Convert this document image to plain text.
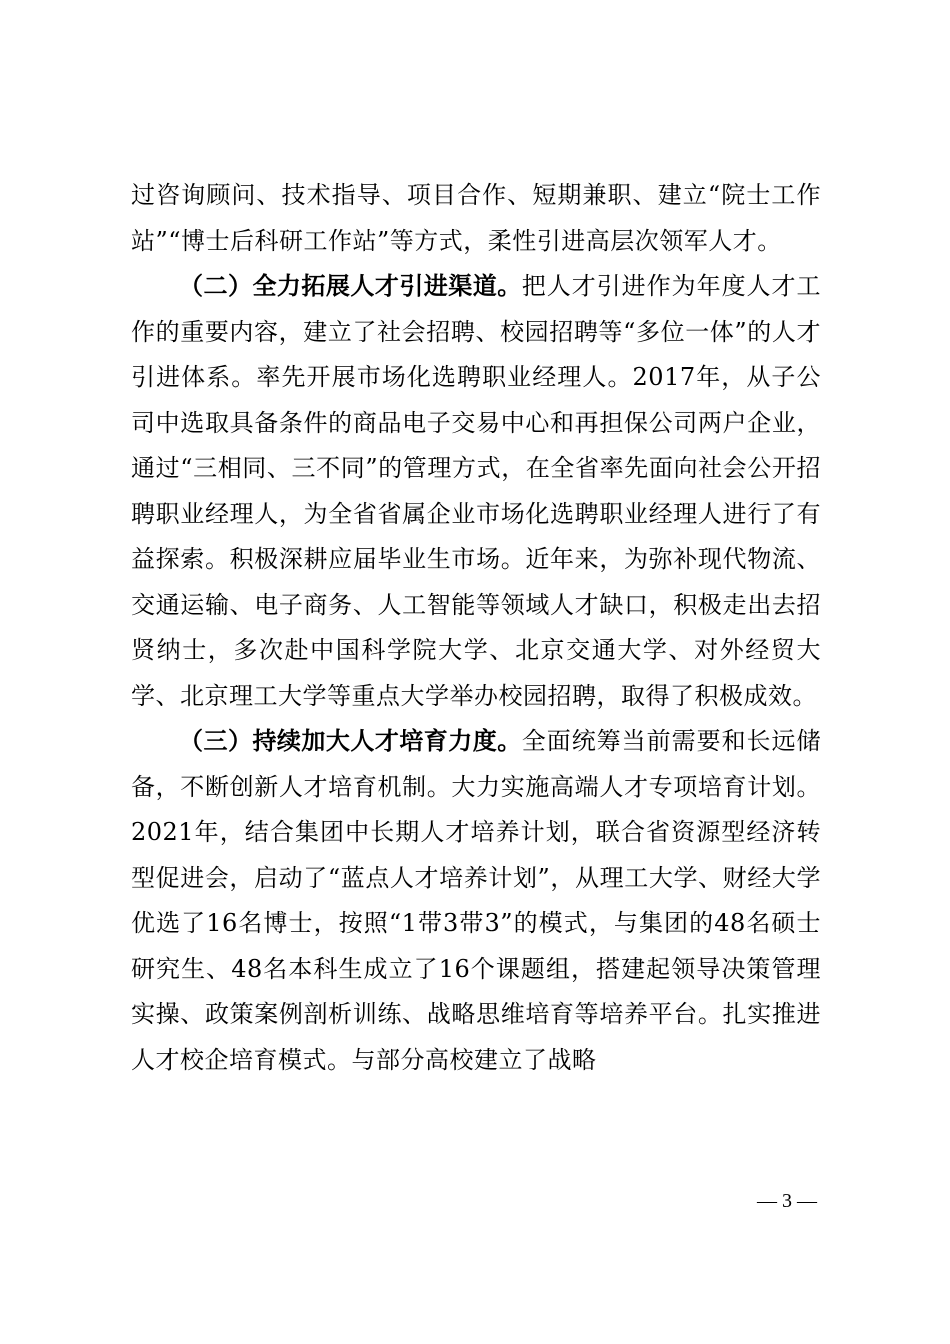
过咨询顾问、技术指导、项目合作、短期兼职、建立“院士工作站”“博士后科研工作站”等方式，柔性引进高层次领军人才。

（二）全力拓展人才引进渠道。把人才引进作为年度人才工作的重要内容，建立了社会招聘、校园招聘等“多位一体”的人才引进体系。率先开展市场化选聘职业经理人。2017年，从子公司中选取具备条件的商品电子交易中心和再担保公司两户企业，通过“三相同、三不同”的管理方式，在全省率先面向社会公开招聘职业经理人，为全省省属企业市场化选聘职业经理人进行了有益探索。积极深耕应届毕业生市场。近年来，为弥补现代物流、交通运输、电子商务、人工智能等领域人才缺口，积极走出去招贤纳士，多次赴中国科学院大学、北京交通大学、对外经贸大学、北京理工大学等重点大学举办校园招聘，取得了积极成效。

（三）持续加大人才培育力度。全面统筹当前需要和长远储备，不断创新人才培育机制。大力实施高端人才专项培育计划。2021年，结合集团中长期人才培养计划，联合省资源型经济转型促进会，启动了“蓝点人才培养计划”，从理工大学、财经大学优选了16名博士，按照“1带3带3”的模式，与集团的48名硕士研究生、48名本科生成立了16个课题组，搭建起领导决策管理实操、政策案例剖析训练、战略思维培育等培养平台。扎实推进人才校企培育模式。与部分高校建立了战略

— 3 —
